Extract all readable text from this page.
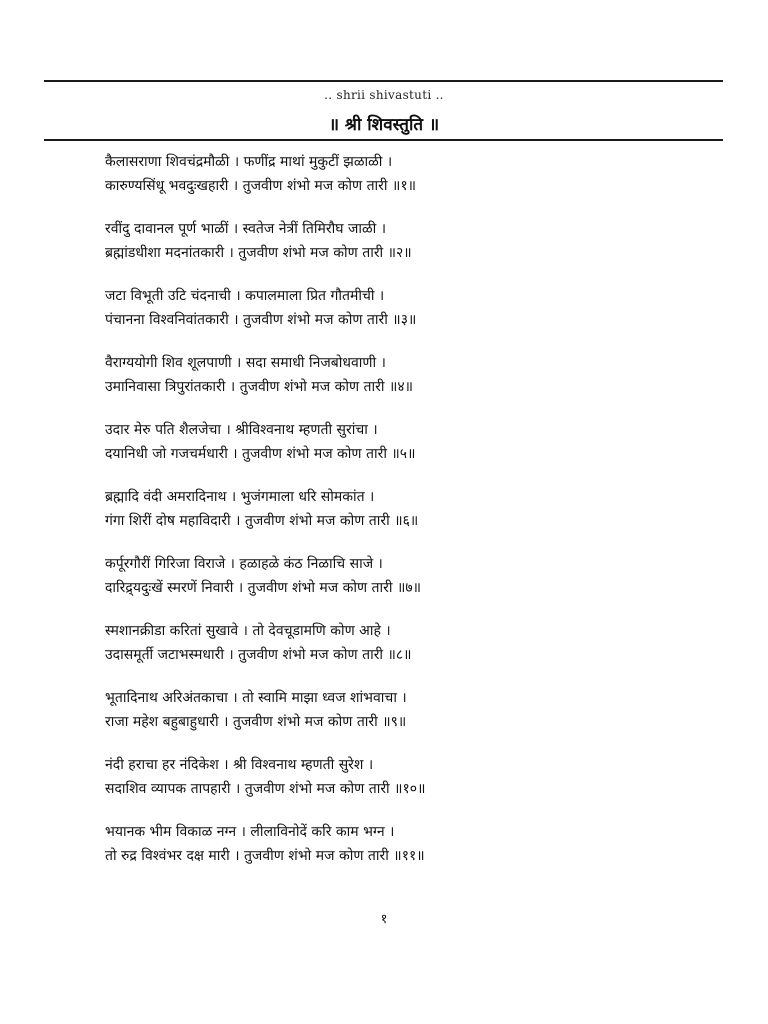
.. shrii shivastuti ..
॥ श्री शिवस्तुति ॥
कैलासराणा शिवचंद्रमौळी । फणींद्र माथां मुकुटीं झळाळी ।
कारुण्यसिंधू भवदुःखहारी । तुजवीण शंभो मज कोण तारी ॥१॥
रवींदु दावानल पूर्ण भाळीं । स्वतेज नेत्रीं तिमिरौघ जाळी ।
ब्रह्मांडधीशा मदनांतकारी । तुजवीण शंभो मज कोण तारी ॥२॥
जटा विभूती उटि चंदनाची । कपालमाला प्रित गौतमीची ।
पंचानना विश्वनिवांतकारी । तुजवीण शंभो मज कोण तारी ॥३॥
वैराग्ययोगी शिव शूलपाणी । सदा समाधी निजबोधवाणी ।
उमानिवासा त्रिपुरांतकारी । तुजवीण शंभो मज कोण तारी ॥४॥
उदार मेरु पति शैलजेचा । श्रीविश्वनाथ म्हणती सुरांचा ।
दयानिधी जो गजचर्मधारी । तुजवीण शंभो मज कोण तारी ॥५॥
ब्रह्मादि वंदी अमरादिनाथ । भुजंगमाला धरि सोमकांत ।
गंगा शिरीं दोष महाविदारी । तुजवीण शंभो मज कोण तारी ॥६॥
कर्पूरगौरीं गिरिजा विराजे । हळाहळे कंठ निळाचि साजे ।
दारिद्र्यदुःखें स्मरणें निवारी । तुजवीण शंभो मज कोण तारी ॥७॥
स्मशानक्रीडा करितां सुखावे । तो देवचूडामणि कोण आहे ।
उदासमूर्ती जटाभस्मधारी । तुजवीण शंभो मज कोण तारी ॥८॥
भूतादिनाथ अरिअंतकाचा । तो स्वामि माझा ध्वज शांभवाचा ।
राजा महेश बहुबाहुधारी । तुजवीण शंभो मज कोण तारी ॥९॥
नंदी हराचा हर नंदिकेश । श्री विश्वनाथ म्हणती सुरेश ।
सदाशिव व्यापक तापहारी । तुजवीण शंभो मज कोण तारी ॥१०॥
भयानक भीम विकाळ नग्न । लीलाविनोदें करि काम भग्न ।
तो रुद्र विश्वंभर दक्ष मारी । तुजवीण शंभो मज कोण तारी ॥११॥
१
